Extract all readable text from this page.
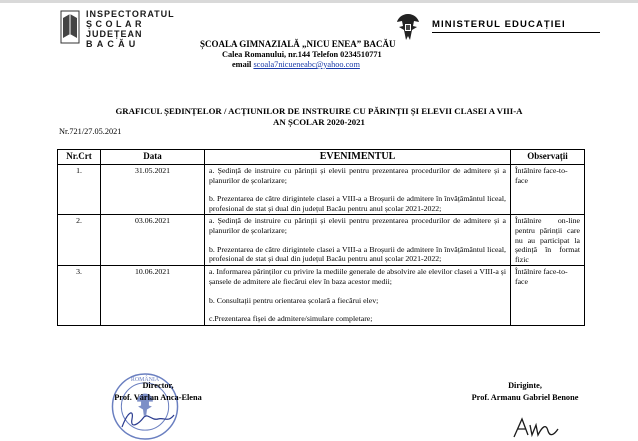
INSPECTORATUL
ȘCOLAR
JUDEȚEAN
BACĂU
MINISTERUL EDUCAȚIEI
ȘCOALA GIMNAZIALĂ „NICU ENEA” BACĂU
Calea Romanului, nr.144 Telefon 0234510771
email scoala7nicueneabc@yahoo.com
GRAFICUL ȘEDINȚELOR / ACȚIUNILOR DE INSTRUIRE CU PĂRINȚII ȘI ELEVII CLASEI A VIII-A
AN ȘCOLAR 2020-2021
Nr.721/27.05.2021
Nr.Crt	Data	EVENIMENTUL	Observații
1.	31.05.2021	a. Ședință de instruire cu părinții și elevii pentru prezentarea procedurilor de admitere și a planurilor de școlarizare;

b. Prezentarea de către dirigintele clasei a VIII-a a Broșurii de admitere în învățământul liceal, profesional de stat și dual din județul Bacău pentru anul școlar 2021-2022;	Întâlnire face-to-face
2.	03.06.2021	a. Ședință de instruire cu părinții și elevii pentru prezentarea procedurilor de admitere și a planurilor de școlarizare;

b. Prezentarea de către dirigintele clasei a VIII-a a Broșurii de admitere în învățământul liceal, profesional de stat și dual din județul Bacău pentru anul școlar 2021-2022;	Întâlnire on-line pentru părinții care nu au participat la ședință în format fizic
3.	10.06.2021	a. Informarea părinților cu privire la mediile generale de absolvire ale elevilor clasei a VIII-a și șansele de admitere ale fiecărui elev în baza acestor medii;

b. Consultații pentru orientarea școlară a fiecărui elev;

c.Prezentarea fișei de admitere/simulare completare;	Întâlnire face-to-face
ROMÂNIA
Director,
Prof. Vârlan Anca-Elena
Diriginte,
Prof. Armanu Gabriel Benone
